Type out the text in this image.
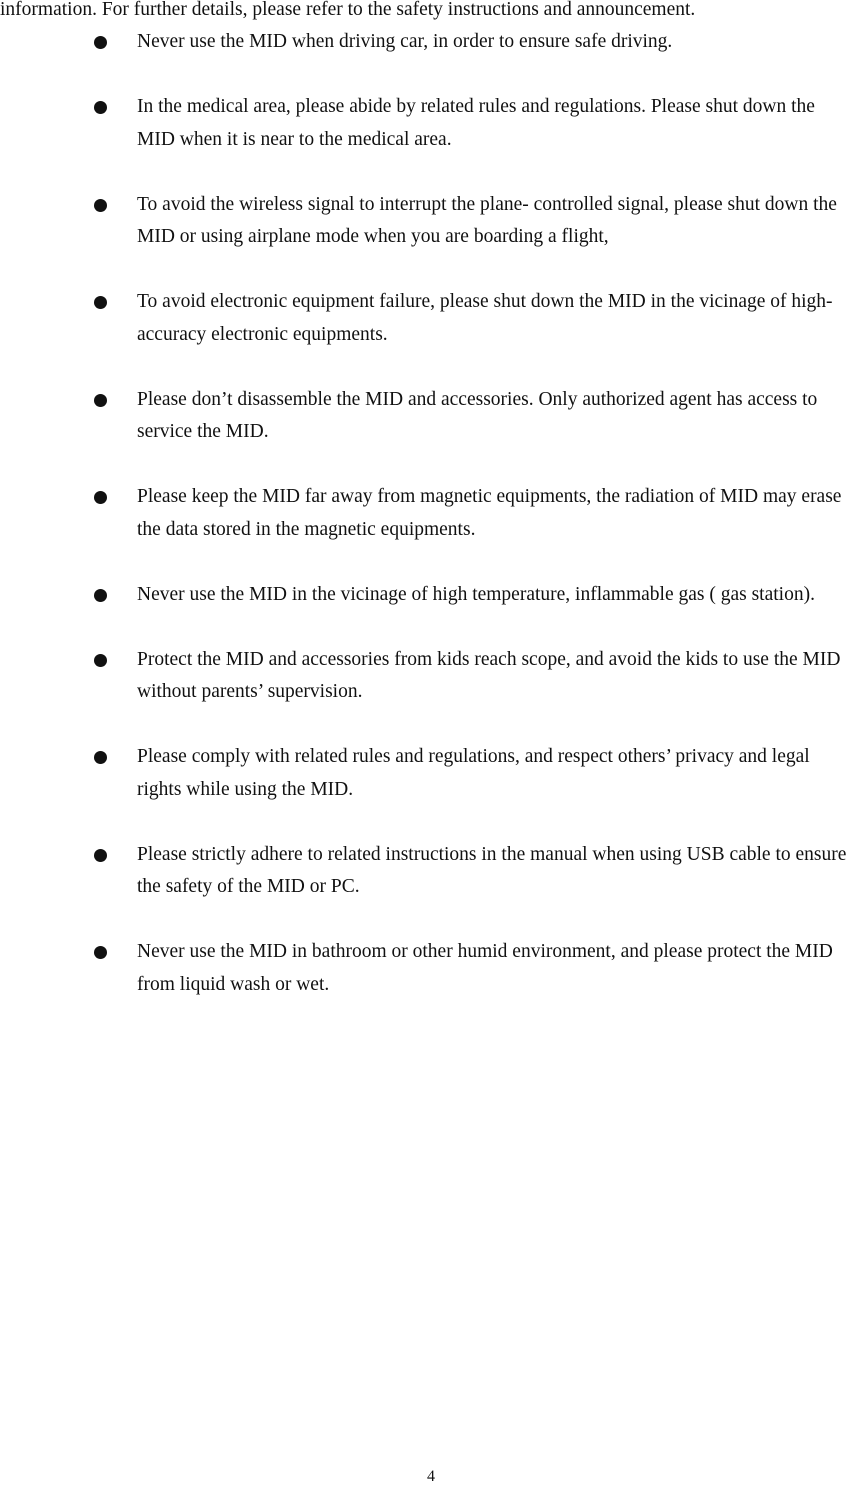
information. For further details, please refer to the safety instructions and announcement.

Never use the MID when driving car, in order to ensure safe driving.
In the medical area, please abide by related rules and regulations. Please shut down the MID when it is near to the medical area.
To avoid the wireless signal to interrupt the plane- controlled signal, please shut down the MID or using airplane mode when you are boarding a flight,
To avoid electronic equipment failure, please shut down the MID in the vicinage of high-accuracy electronic equipments.
Please don’t disassemble the MID and accessories. Only authorized agent has access to service the MID.
Please keep the MID far away from magnetic equipments, the radiation of MID may erase the data stored in the magnetic equipments.
Never use the MID in the vicinage of high temperature, inflammable gas ( gas station).
Protect the MID and accessories from kids reach scope, and avoid the kids to use the MID without parents’ supervision.
Please comply with related rules and regulations, and respect others’ privacy and legal rights while using the MID.
Please strictly adhere to related instructions in the manual when using USB cable to ensure the safety of the MID or PC.
Never use the MID in bathroom or other humid environment, and please protect the MID from liquid wash or wet.
4
